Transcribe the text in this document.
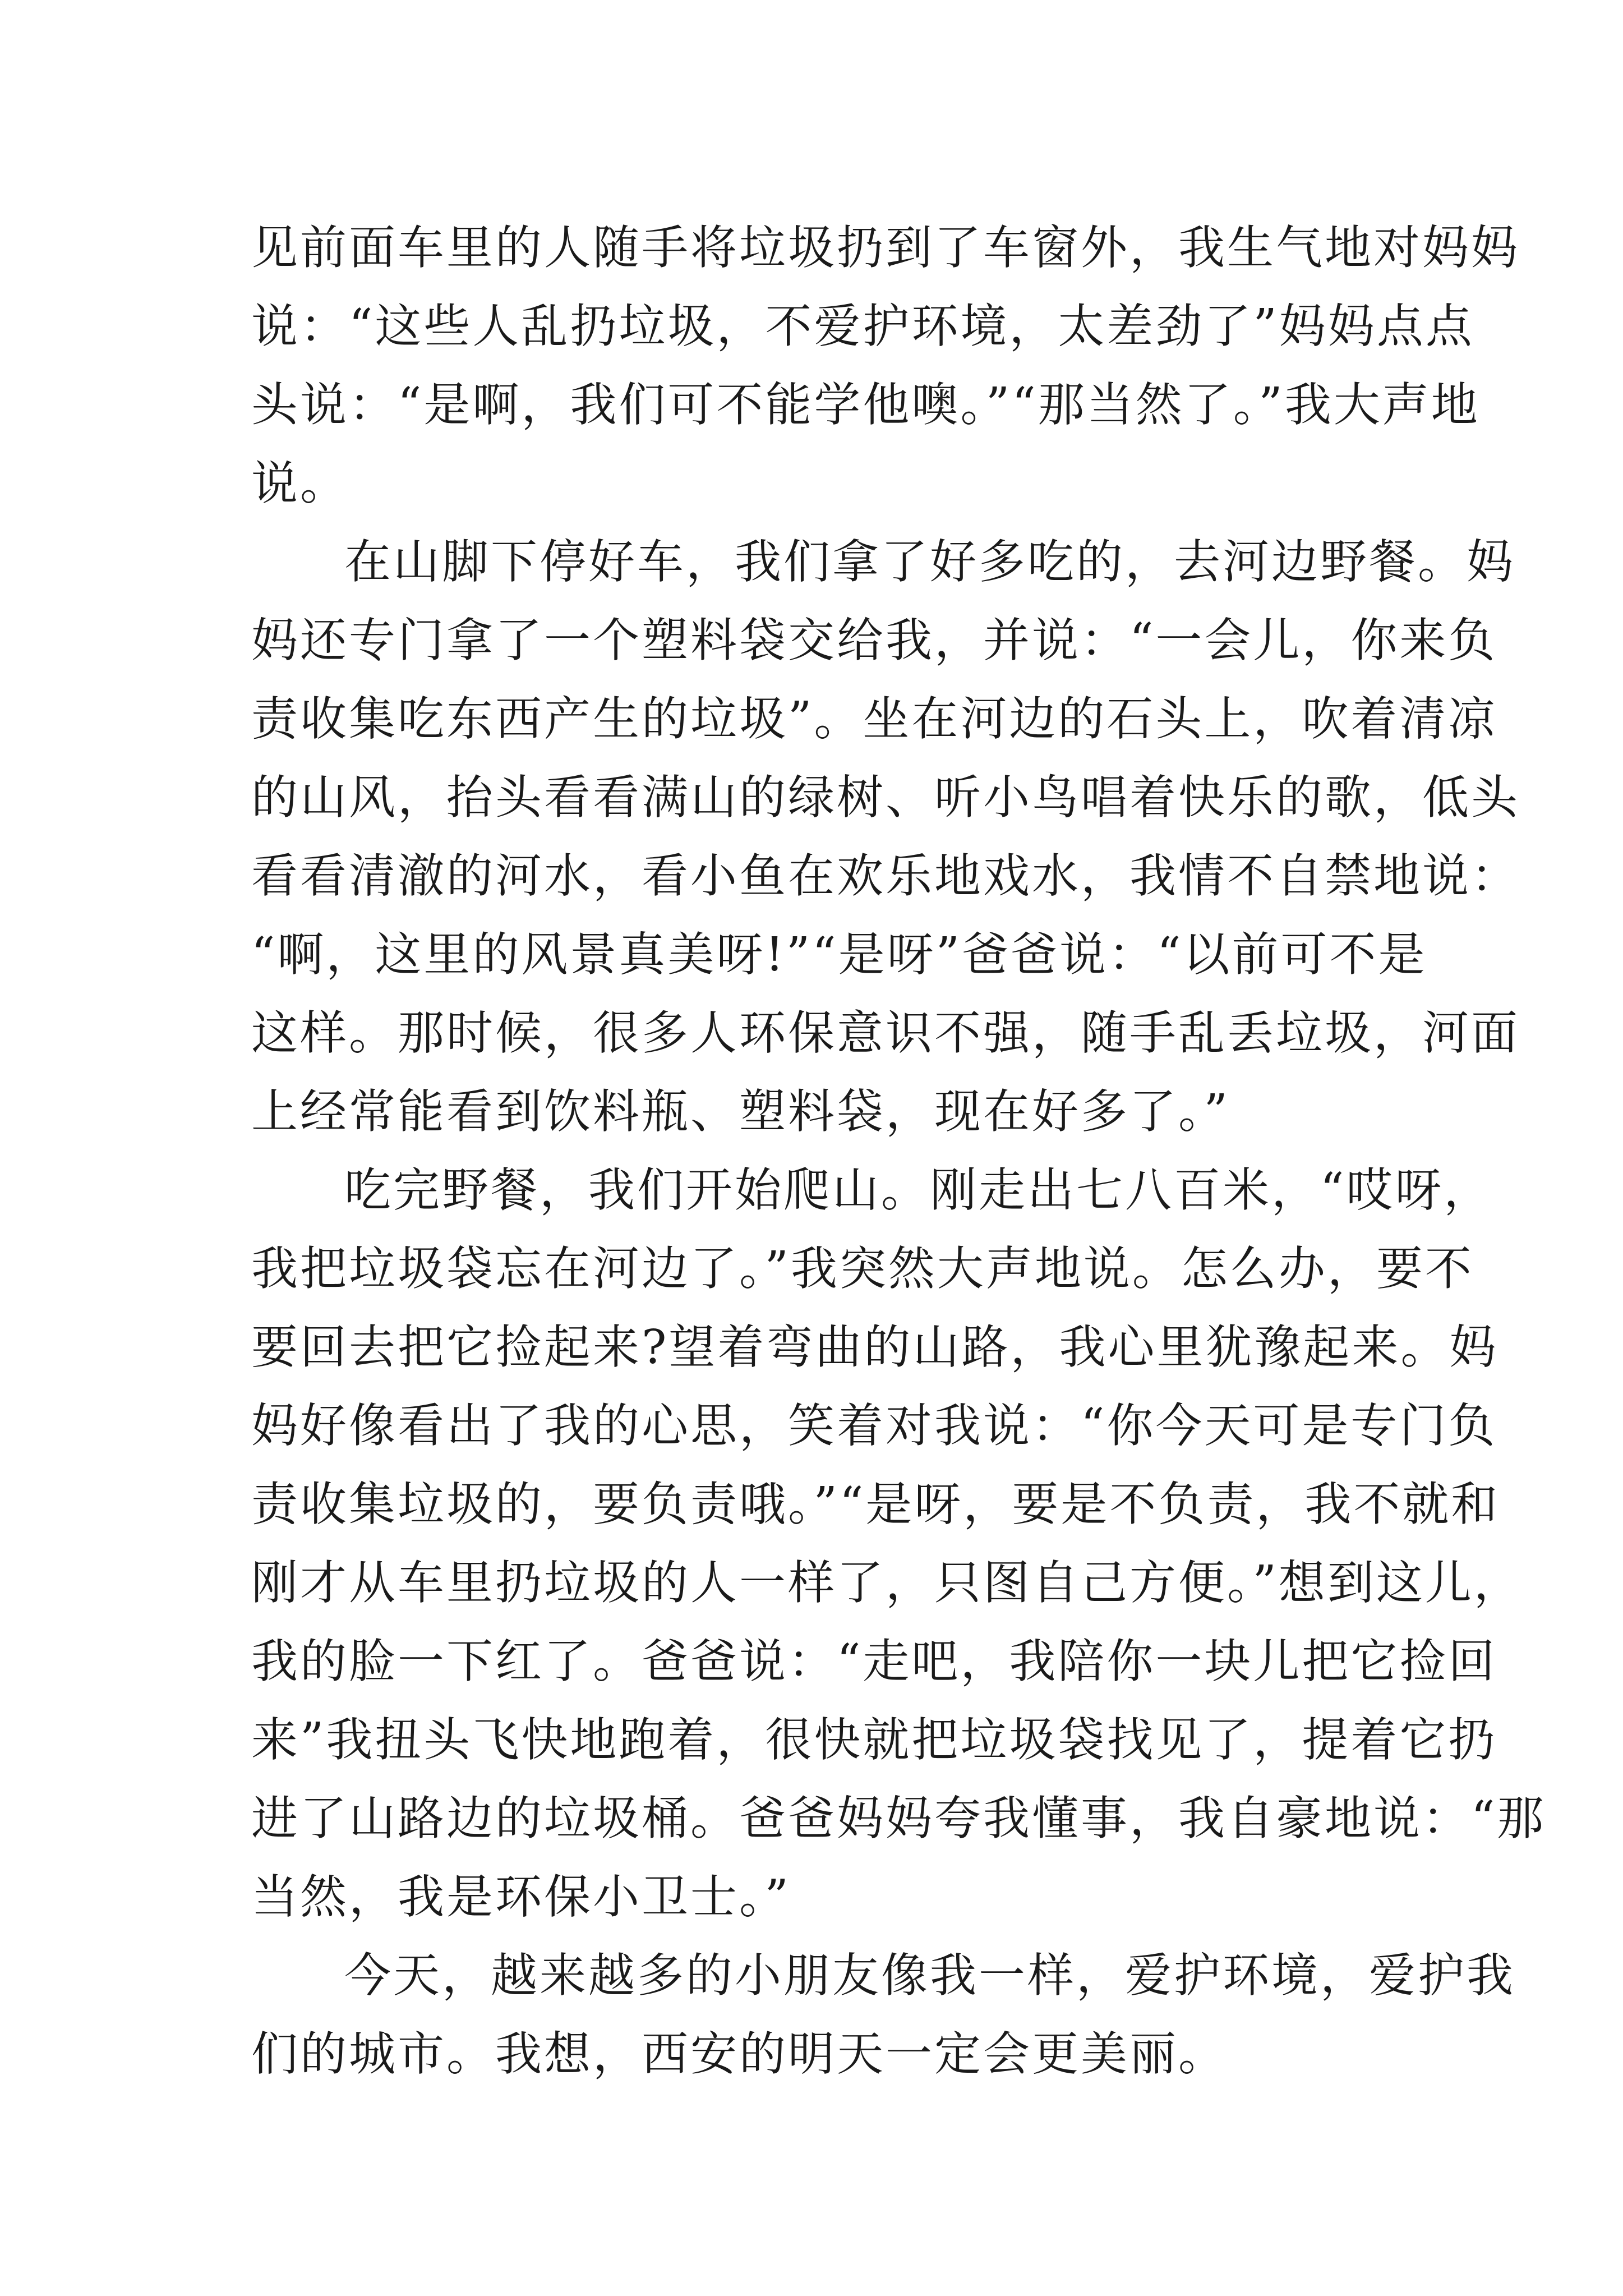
见前面车里的人随手将垃圾扔到了车窗外，我生气地对妈妈
说：“这些人乱扔垃圾，不爱护环境，太差劲了”妈妈点点
头说：“是啊，我们可不能学他噢。”“那当然了。”我大声地
说。
在山脚下停好车，我们拿了好多吃的，去河边野餐。妈
妈还专门拿了一个塑料袋交给我，并说：“一会儿，你来负
责收集吃东西产生的垃圾”。坐在河边的石头上，吹着清凉
的山风，抬头看看满山的绿树、听小鸟唱着快乐的歌，低头
看看清澈的河水，看小鱼在欢乐地戏水，我情不自禁地说：
“啊，这里的风景真美呀!”“是呀”爸爸说：“以前可不是
这样。那时候，很多人环保意识不强，随手乱丢垃圾，河面
上经常能看到饮料瓶、塑料袋，现在好多了。”
吃完野餐，我们开始爬山。刚走出七八百米，“哎呀，
我把垃圾袋忘在河边了。”我突然大声地说。怎么办，要不
要回去把它捡起来?望着弯曲的山路，我心里犹豫起来。妈
妈好像看出了我的心思，笑着对我说：“你今天可是专门负
责收集垃圾的，要负责哦。”“是呀，要是不负责，我不就和
刚才从车里扔垃圾的人一样了，只图自己方便。”想到这儿，
我的脸一下红了。爸爸说：“走吧，我陪你一块儿把它捡回
来”我扭头飞快地跑着，很快就把垃圾袋找见了，提着它扔
进了山路边的垃圾桶。爸爸妈妈夸我懂事，我自豪地说：“那
当然，我是环保小卫士。”
今天，越来越多的小朋友像我一样，爱护环境，爱护我
们的城市。我想，西安的明天一定会更美丽。
